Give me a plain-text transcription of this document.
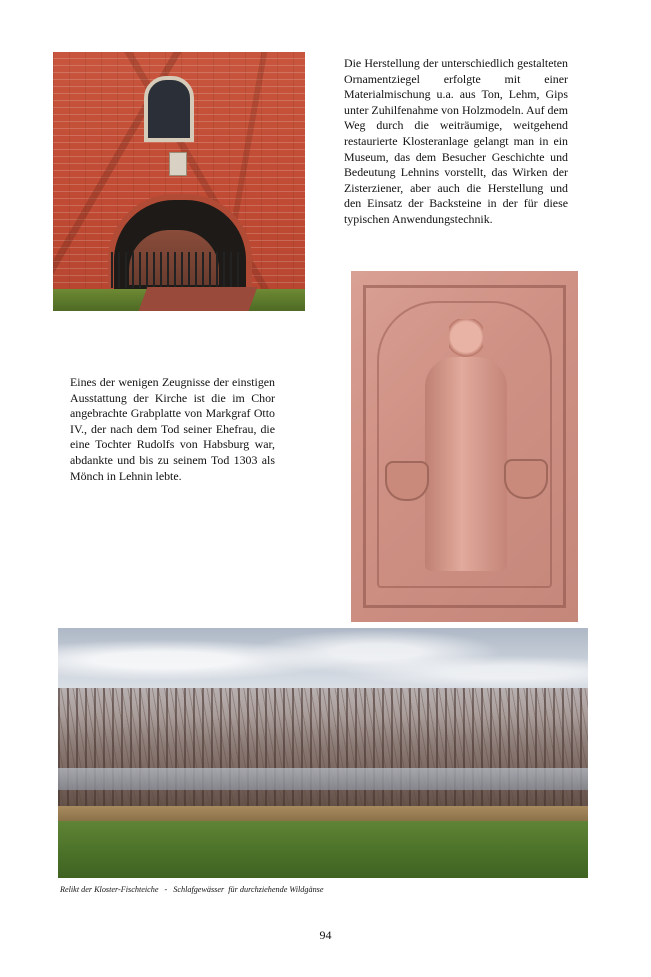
Die Herstellung der unterschiedlich gestalteten Ornamentziegel erfolgte mit einer Materialmischung u.a. aus Ton, Lehm, Gips unter Zuhilfenahme von Holzmodeln. Auf dem Weg durch die weiträumige, weitgehend restaurierte Klosteranlage gelangt man in ein Museum, das dem Besucher Geschichte und Bedeutung Lehnins vorstellt, das Wirken der Zisterziener, aber auch die Herstellung und den Einsatz der Backsteine in der für diese typischen Anwendungstechnik.

Eines der wenigen Zeugnisse der einstigen Ausstattung der Kirche ist die im Chor angebrachte Grabplatte von Markgraf Otto IV., der nach dem Tod seiner Ehefrau, die eine Tochter Rudolfs von Habsburg war, abdankte und bis zu seinem Tod 1303 als Mönch in Lehnin lebte.

Relikt der Kloster-Fischteiche - Schlafgewässer  für durchziehende Wildgänse
94
